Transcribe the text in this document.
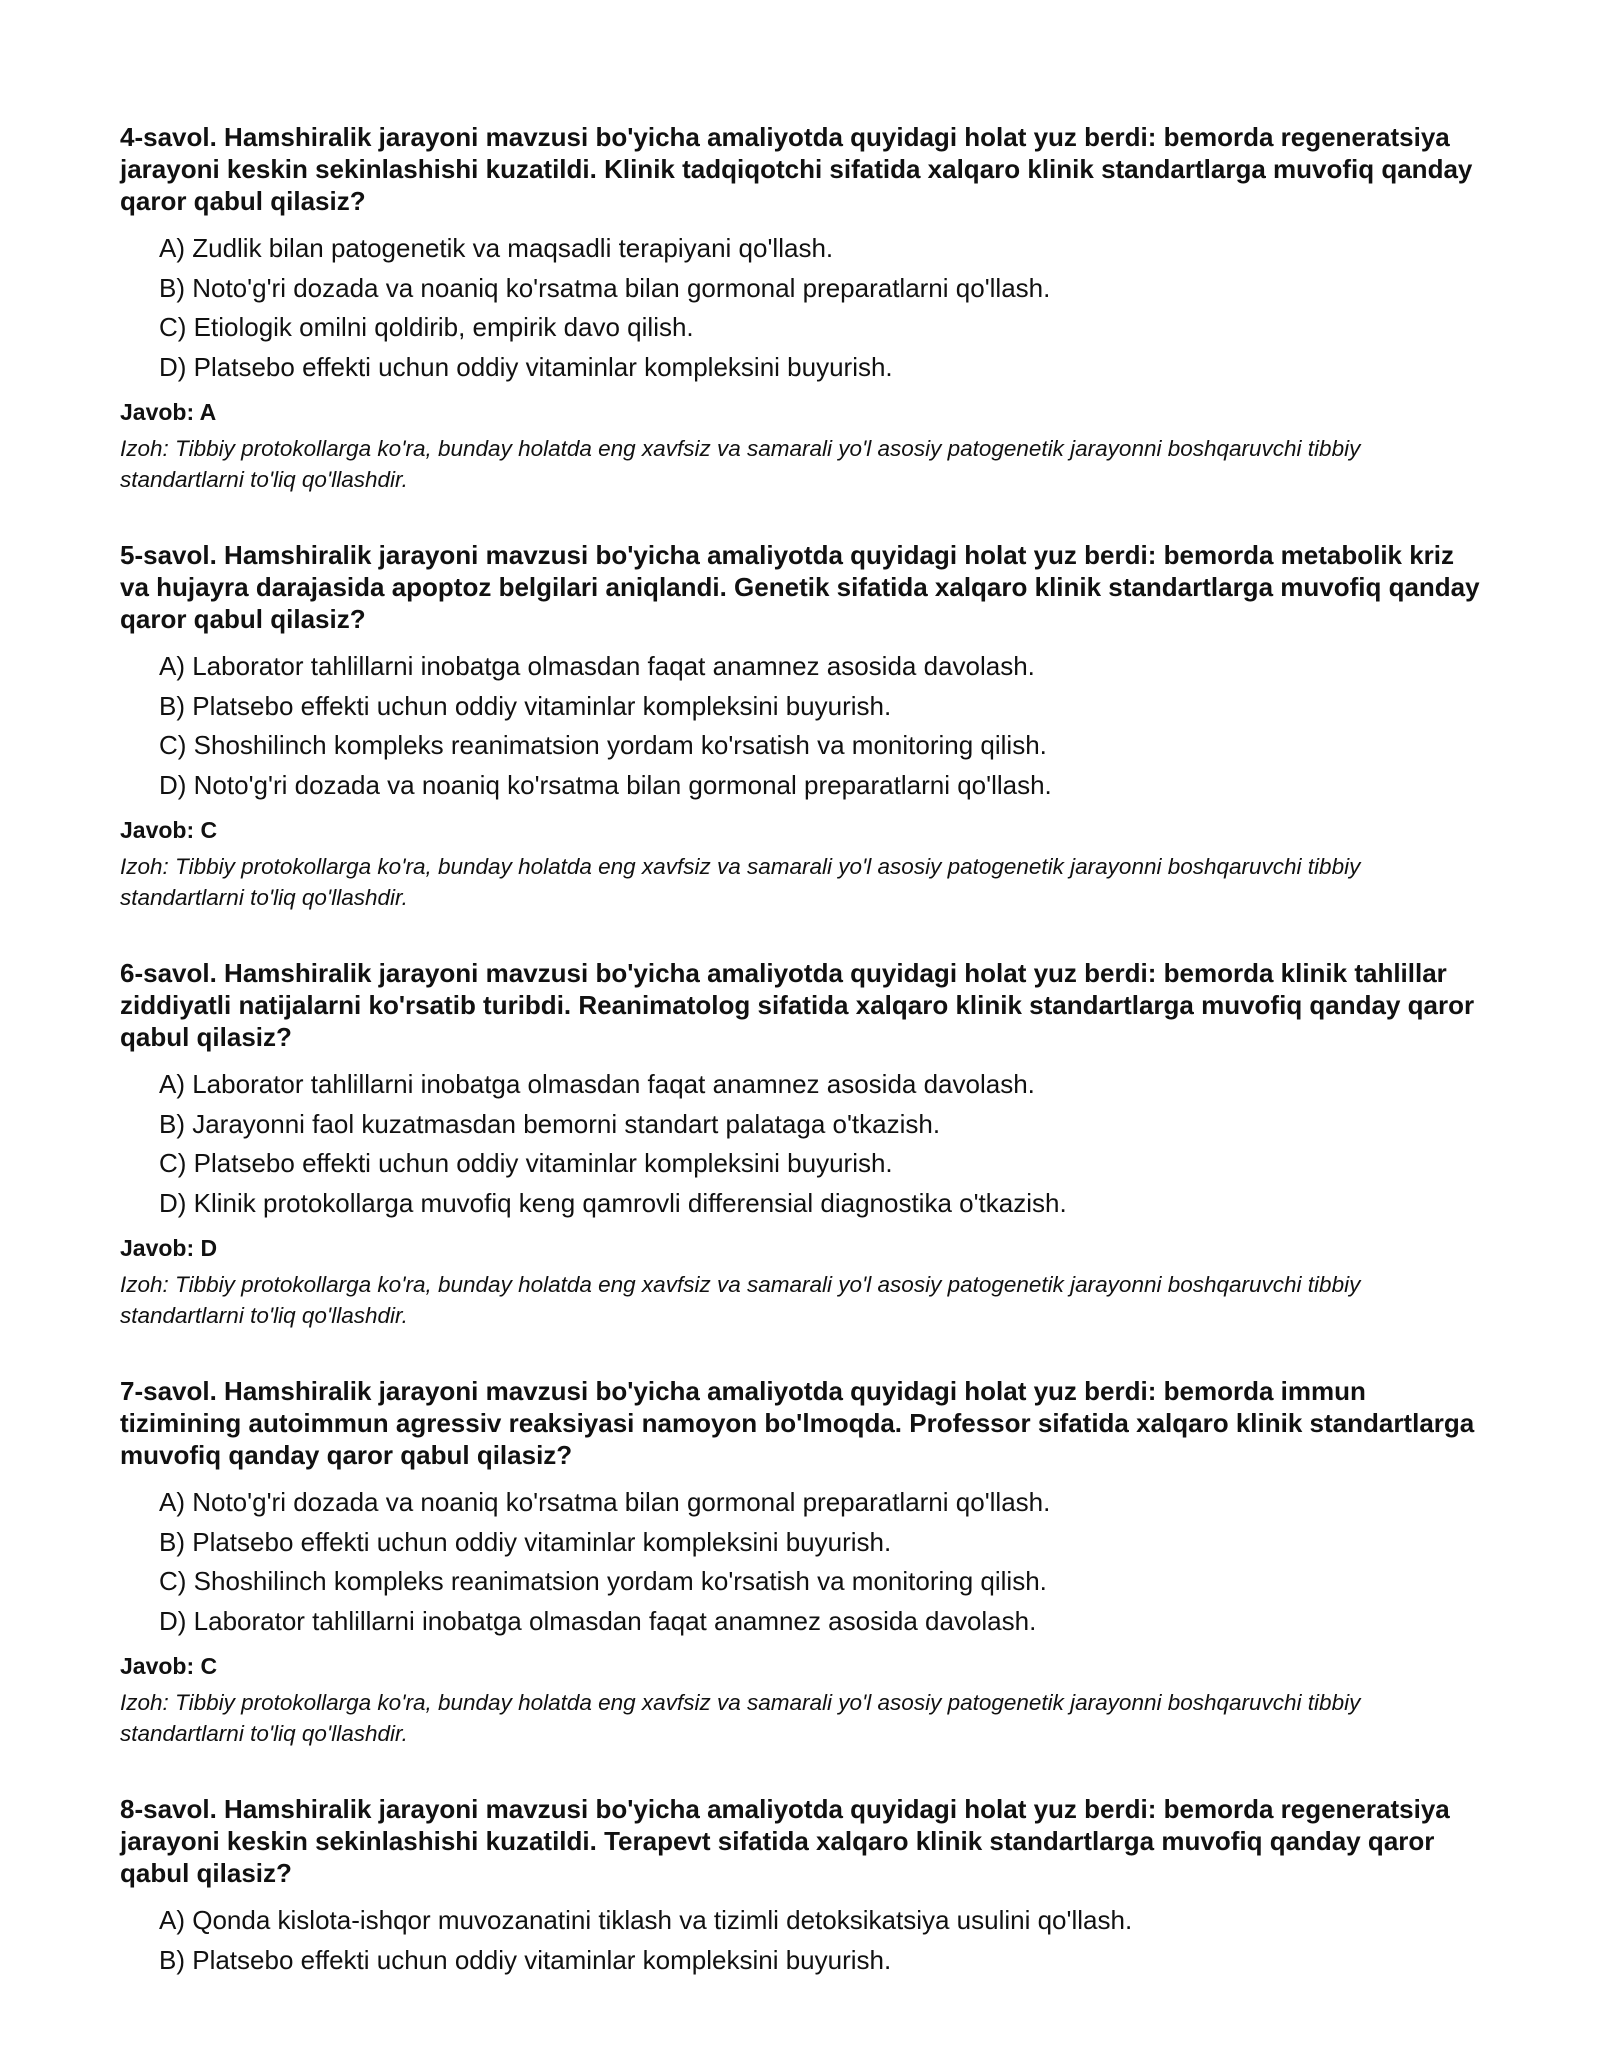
4-savol. Hamshiralik jarayoni mavzusi bo'yicha amaliyotda quyidagi holat yuz berdi: bemorda regeneratsiya jarayoni keskin sekinlashishi kuzatildi. Klinik tadqiqotchi sifatida xalqaro klinik standartlarga muvofiq qanday qaror qabul qilasiz?
A) Zudlik bilan patogenetik va maqsadli terapiyani qo'llash.
B) Noto'g'ri dozada va noaniq ko'rsatma bilan gormonal preparatlarni qo'llash.
C) Etiologik omilni qoldirib, empirik davo qilish.
D) Platsebo effekti uchun oddiy vitaminlar kompleksini buyurish.
Javob: A
Izoh: Tibbiy protokollarga ko'ra, bunday holatda eng xavfsiz va samarali yo'l asosiy patogenetik jarayonni boshqaruvchi tibbiy standartlarni to'liq qo'llashdir.
5-savol. Hamshiralik jarayoni mavzusi bo'yicha amaliyotda quyidagi holat yuz berdi: bemorda metabolik kriz va hujayra darajasida apoptoz belgilari aniqlandi. Genetik sifatida xalqaro klinik standartlarga muvofiq qanday qaror qabul qilasiz?
A) Laborator tahlillarni inobatga olmasdan faqat anamnez asosida davolash.
B) Platsebo effekti uchun oddiy vitaminlar kompleksini buyurish.
C) Shoshilinch kompleks reanimatsion yordam ko'rsatish va monitoring qilish.
D) Noto'g'ri dozada va noaniq ko'rsatma bilan gormonal preparatlarni qo'llash.
Javob: C
Izoh: Tibbiy protokollarga ko'ra, bunday holatda eng xavfsiz va samarali yo'l asosiy patogenetik jarayonni boshqaruvchi tibbiy standartlarni to'liq qo'llashdir.
6-savol. Hamshiralik jarayoni mavzusi bo'yicha amaliyotda quyidagi holat yuz berdi: bemorda klinik tahlillar ziddiyatli natijalarni ko'rsatib turibdi. Reanimatolog sifatida xalqaro klinik standartlarga muvofiq qanday qaror qabul qilasiz?
A) Laborator tahlillarni inobatga olmasdan faqat anamnez asosida davolash.
B) Jarayonni faol kuzatmasdan bemorni standart palataga o'tkazish.
C) Platsebo effekti uchun oddiy vitaminlar kompleksini buyurish.
D) Klinik protokollarga muvofiq keng qamrovli differensial diagnostika o'tkazish.
Javob: D
Izoh: Tibbiy protokollarga ko'ra, bunday holatda eng xavfsiz va samarali yo'l asosiy patogenetik jarayonni boshqaruvchi tibbiy standartlarni to'liq qo'llashdir.
7-savol. Hamshiralik jarayoni mavzusi bo'yicha amaliyotda quyidagi holat yuz berdi: bemorda immun tizimining autoimmun agressiv reaksiyasi namoyon bo'lmoqda. Professor sifatida xalqaro klinik standartlarga muvofiq qanday qaror qabul qilasiz?
A) Noto'g'ri dozada va noaniq ko'rsatma bilan gormonal preparatlarni qo'llash.
B) Platsebo effekti uchun oddiy vitaminlar kompleksini buyurish.
C) Shoshilinch kompleks reanimatsion yordam ko'rsatish va monitoring qilish.
D) Laborator tahlillarni inobatga olmasdan faqat anamnez asosida davolash.
Javob: C
Izoh: Tibbiy protokollarga ko'ra, bunday holatda eng xavfsiz va samarali yo'l asosiy patogenetik jarayonni boshqaruvchi tibbiy standartlarni to'liq qo'llashdir.
8-savol. Hamshiralik jarayoni mavzusi bo'yicha amaliyotda quyidagi holat yuz berdi: bemorda regeneratsiya jarayoni keskin sekinlashishi kuzatildi. Terapevt sifatida xalqaro klinik standartlarga muvofiq qanday qaror qabul qilasiz?
A) Qonda kislota-ishqor muvozanatini tiklash va tizimli detoksikatsiya usulini qo'llash.
B) Platsebo effekti uchun oddiy vitaminlar kompleksini buyurish.
